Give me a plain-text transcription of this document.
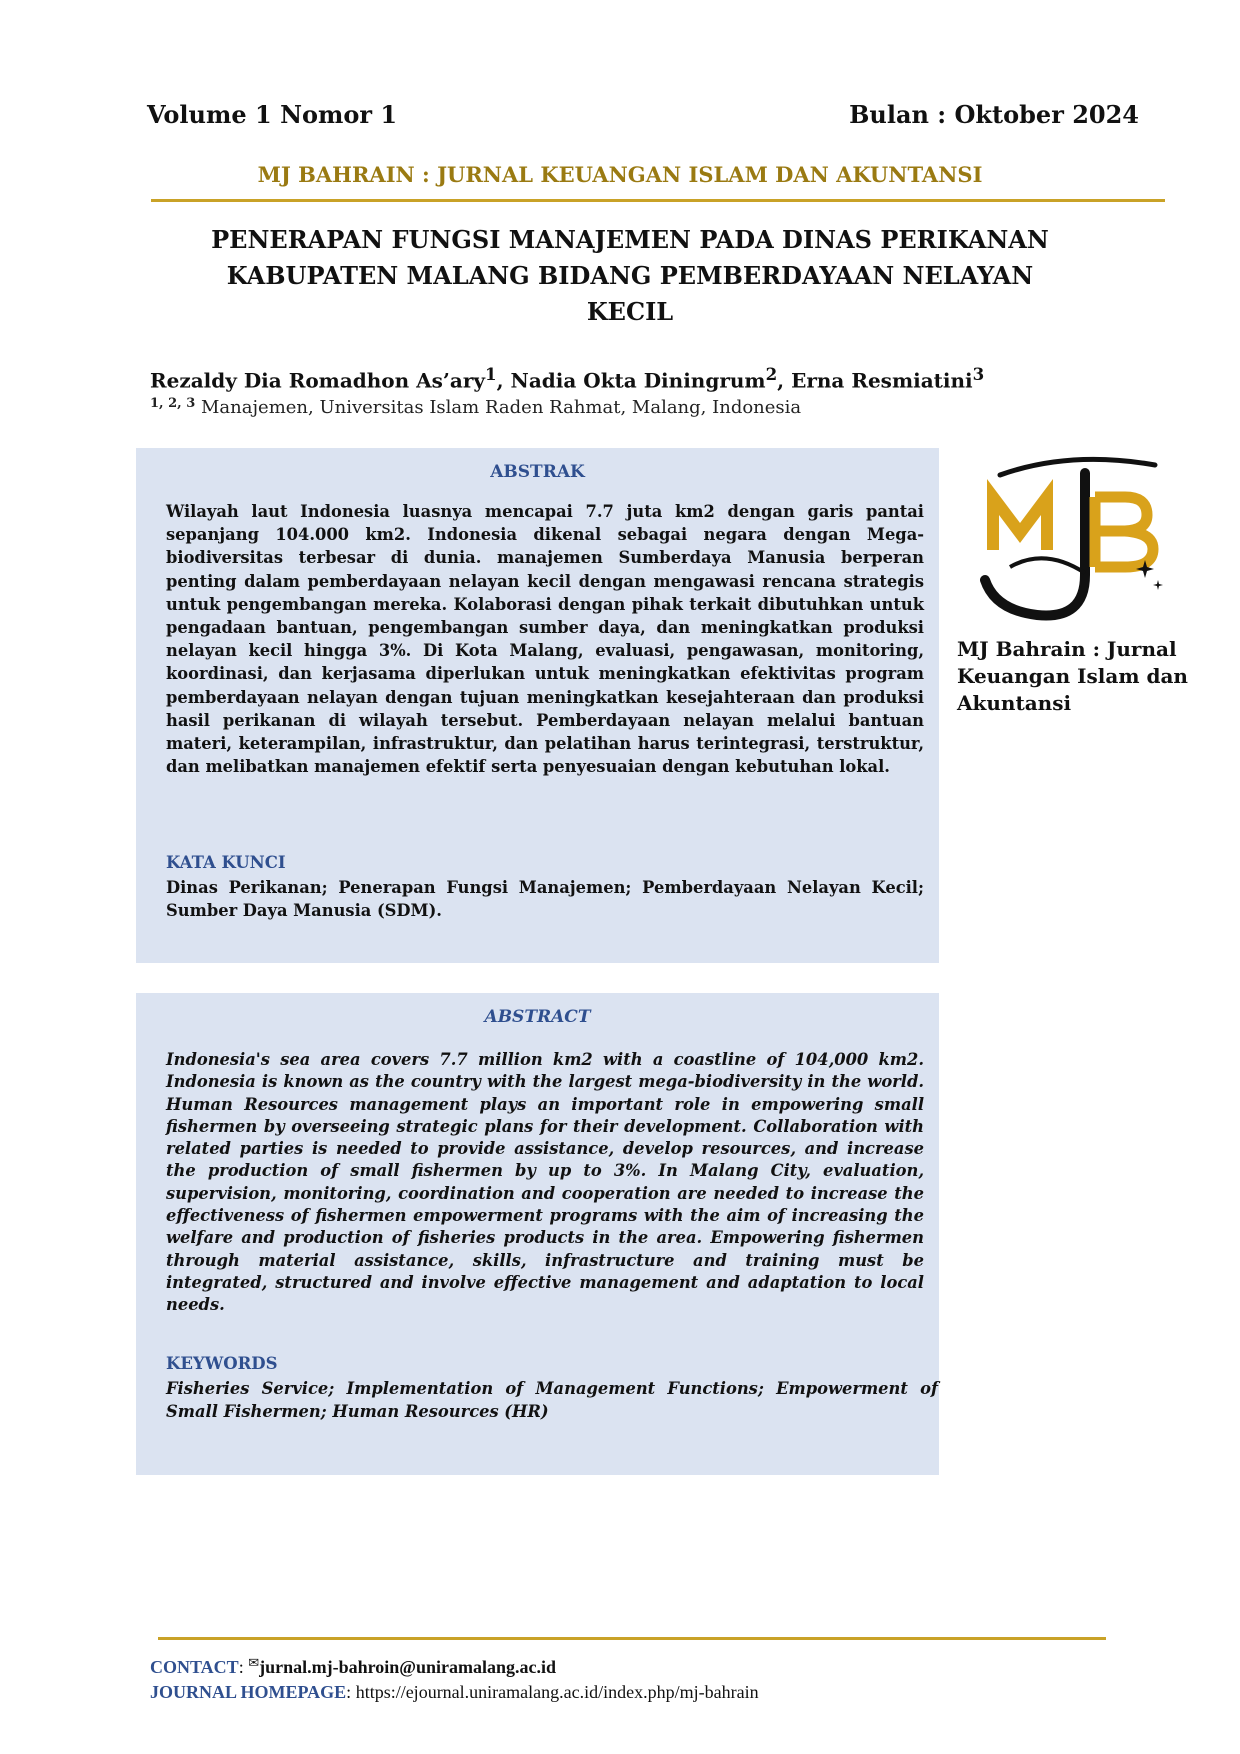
Volume 1 Nomor 1	Bulan : Oktober 2024
MJ BAHRAIN : JURNAL KEUANGAN ISLAM DAN AKUNTANSI
PENERAPAN FUNGSI MANAJEMEN PADA DINAS PERIKANAN
KABUPATEN MALANG BIDANG PEMBERDAYAAN NELAYAN
KECIL
Rezaldy Dia Romadhon As’ary$^1$, Nadia Okta Diningrum$^2$, Erna Resmiatini$^3$
$^{1, 2, 3}$ Manajemen, Universitas Islam Raden Rahmat, Malang, Indonesia
ABSTRAK
Wilayah laut Indonesia luasnya mencapai 7.7 juta km2 dengan garis pantai sepanjang 104.000 km2. Indonesia dikenal sebagai negara dengan Mega-biodiversitas terbesar di dunia. manajemen Sumberdaya Manusia berperan penting dalam pemberdayaan nelayan kecil dengan mengawasi rencana strategis untuk pengembangan mereka. Kolaborasi dengan pihak terkait dibutuhkan untuk pengadaan bantuan, pengembangan sumber daya, dan meningkatkan produksi nelayan kecil hingga 3%. Di Kota Malang, evaluasi, pengawasan, monitoring, koordinasi, dan kerjasama diperlukan untuk meningkatkan efektivitas program pemberdayaan nelayan dengan tujuan meningkatkan kesejahteraan dan produksi hasil perikanan di wilayah tersebut. Pemberdayaan nelayan melalui bantuan materi, keterampilan, infrastruktur, dan pelatihan harus terintegrasi, terstruktur, dan melibatkan manajemen efektif serta penyesuaian dengan kebutuhan lokal.
KATA KUNCI
Dinas Perikanan; Penerapan Fungsi Manajemen; Pemberdayaan Nelayan Kecil; Sumber Daya Manusia (SDM).
ABSTRACT
Indonesia's sea area covers 7.7 million km2 with a coastline of 104,000 km2. Indonesia is known as the country with the largest mega-biodiversity in the world. Human Resources management plays an important role in empowering small fishermen by overseeing strategic plans for their development. Collaboration with related parties is needed to provide assistance, develop resources, and increase the production of small fishermen by up to 3%. In Malang City, evaluation, supervision, monitoring, coordination and cooperation are needed to increase the effectiveness of fishermen empowerment programs with the aim of increasing the welfare and production of fisheries products in the area. Empowering fishermen through material assistance, skills, infrastructure and training must be integrated, structured and involve effective management and adaptation to local needs.
KEYWORDS
Fisheries Service; Implementation of Management Functions; Empowerment of Small Fishermen; Human Resources (HR)
MJ Bahrain : Jurnal Keuangan Islam dan Akuntansi
CONTACT: ✉jurnal.mj-bahroin@uniramalang.ac.id
JOURNAL HOMEPAGE: https://ejournal.uniramalang.ac.id/index.php/mj-bahrain
